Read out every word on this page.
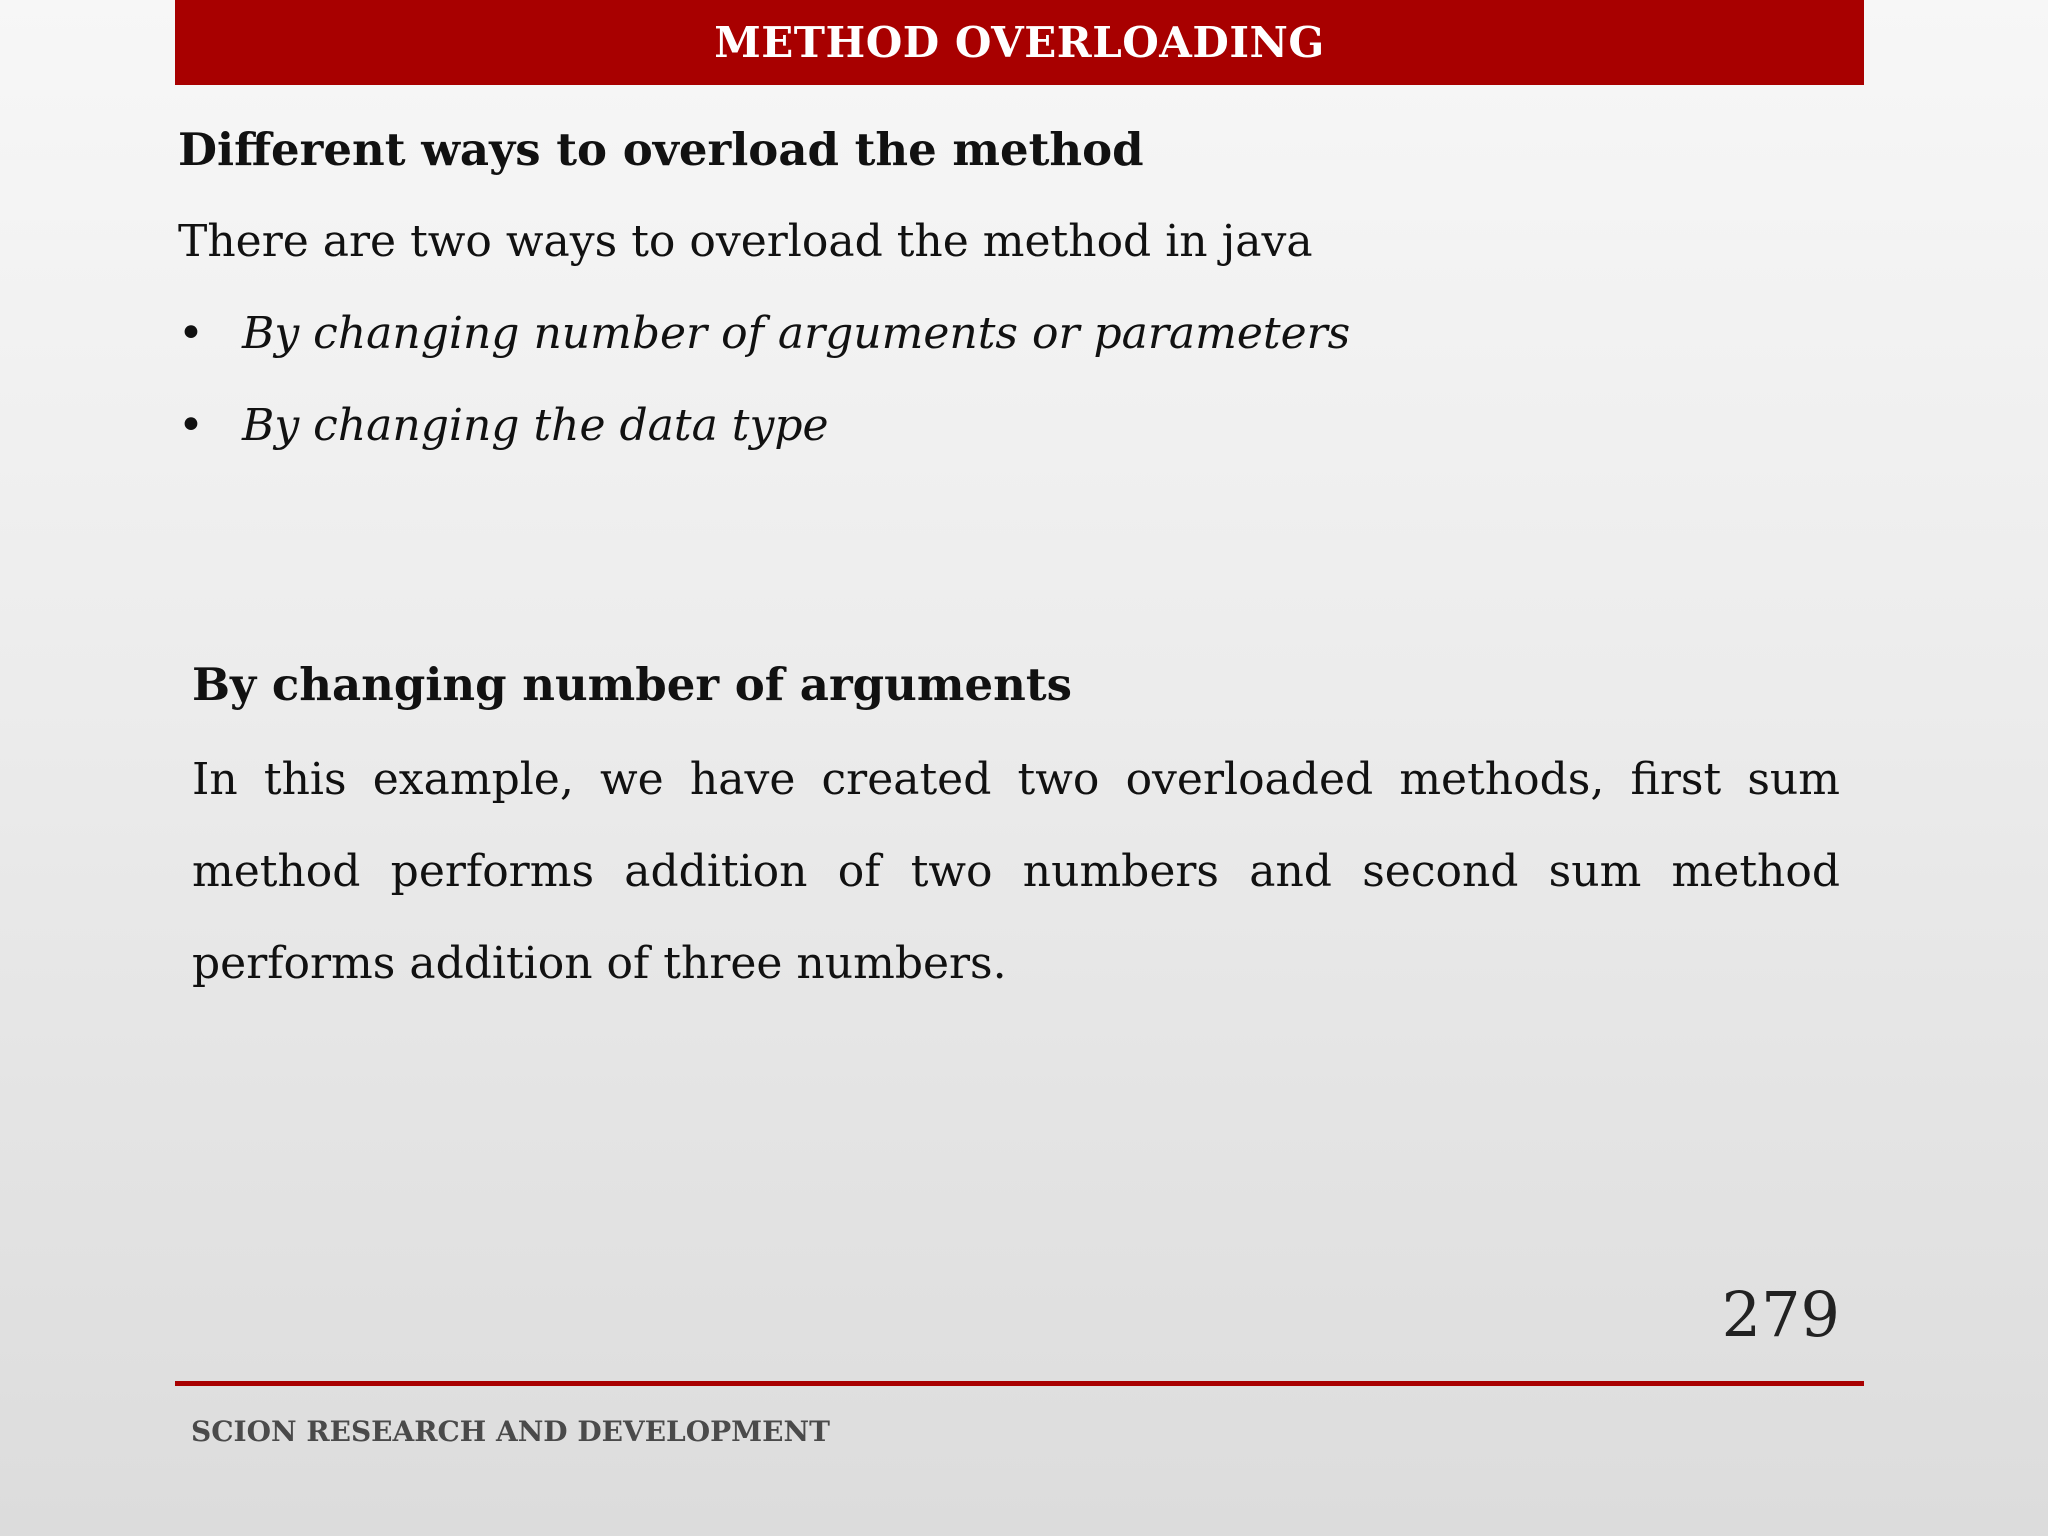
METHOD OVERLOADING
Different ways to overload the method
There are two ways to overload the method in java
• By changing number of arguments or parameters
• By changing the data type
By changing number of arguments
In this example, we have created two overloaded methods, first sum method performs addition of two numbers and second sum method performs addition of three numbers.
279
SCION RESEARCH AND DEVELOPMENT
